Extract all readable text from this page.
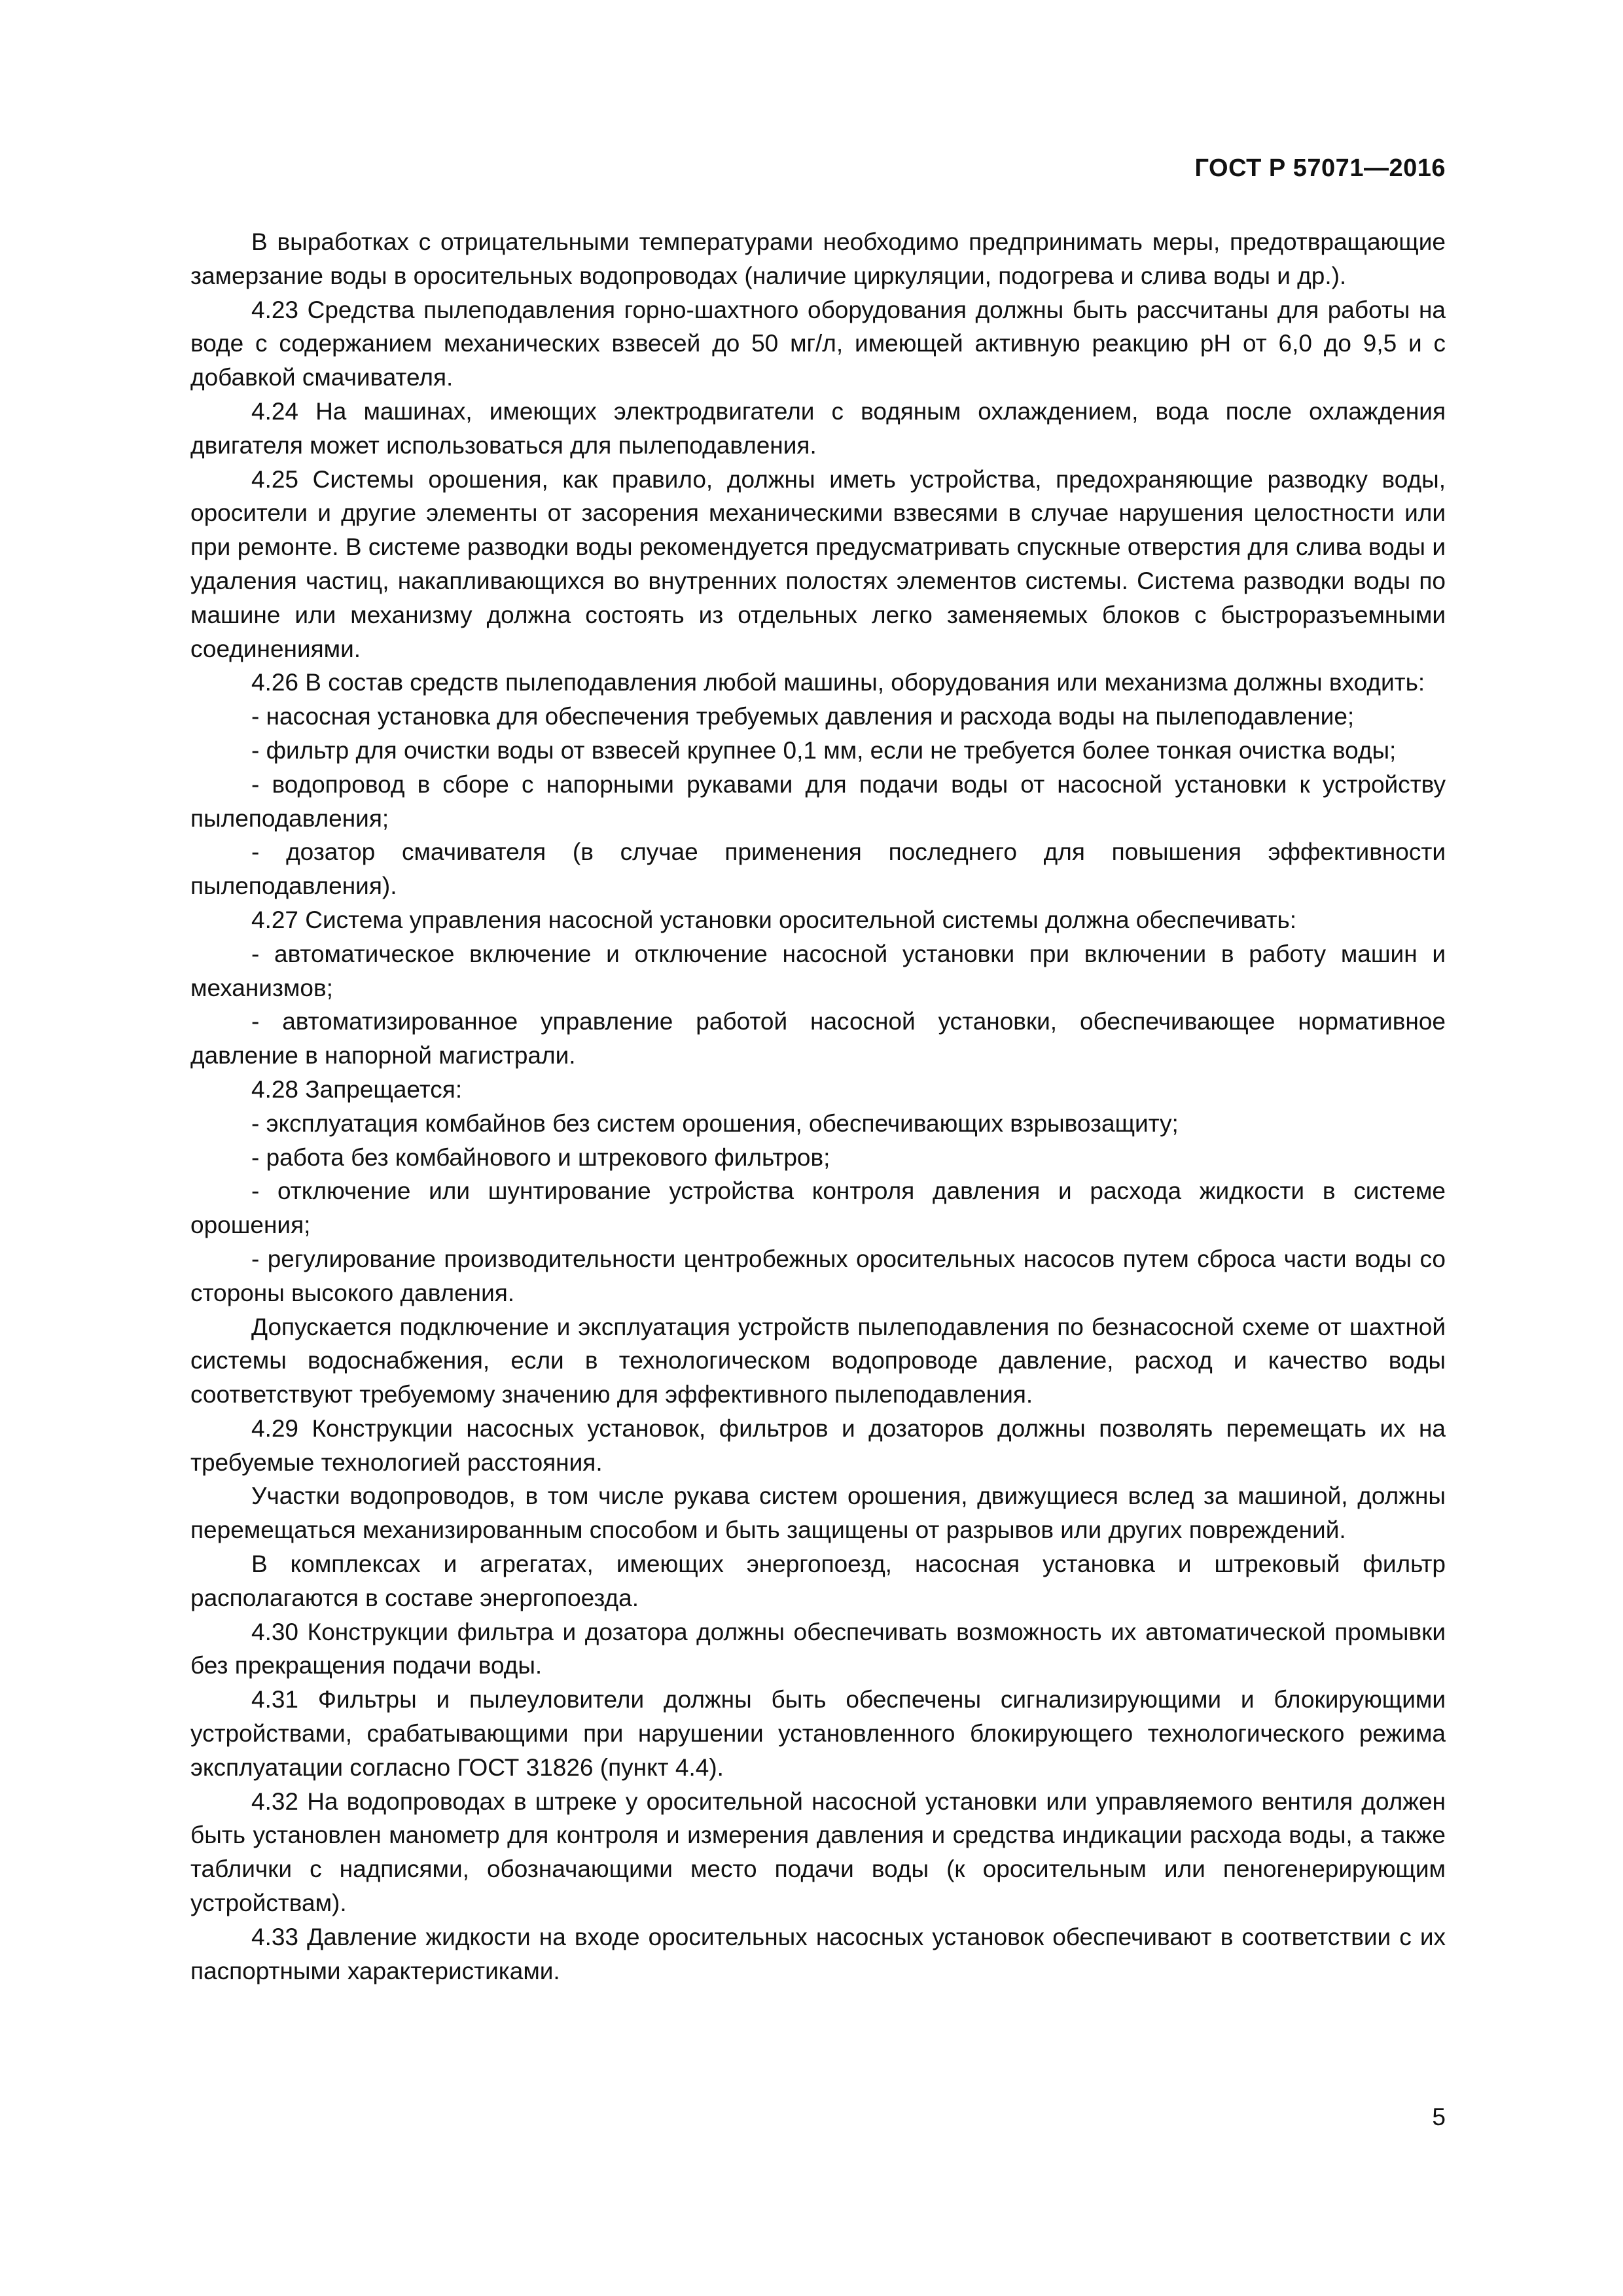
ГОСТ Р 57071—2016

В выработках с отрицательными температурами необходимо предпринимать меры, предотвращающие замерзание воды в оросительных водопроводах (наличие циркуляции, подогрева и слива воды и др.).

4.23 Средства пылеподавления горно-шахтного оборудования должны быть рассчитаны для работы на воде с содержанием механических взвесей до 50 мг/л, имеющей активную реакцию pH от 6,0 до 9,5 и с добавкой смачивателя.

4.24 На машинах, имеющих электродвигатели с водяным охлаждением, вода после охлаждения двигателя может использоваться для пылеподавления.

4.25 Системы орошения, как правило, должны иметь устройства, предохраняющие разводку воды, оросители и другие элементы от засорения механическими взвесями в случае нарушения целостности или при ремонте. В системе разводки воды рекомендуется предусматривать спускные отверстия для слива воды и удаления частиц, накапливающихся во внутренних полостях элементов системы. Система разводки воды по машине или механизму должна состоять из отдельных легко заменяемых блоков с быстроразъемными соединениями.

4.26 В состав средств пылеподавления любой машины, оборудования или механизма должны входить:

- насосная установка для обеспечения требуемых давления и расхода воды на пылеподавление;

- фильтр для очистки воды от взвесей крупнее 0,1 мм, если не требуется более тонкая очистка воды;

- водопровод в сборе с напорными рукавами для подачи воды от насосной установки к устройству пылеподавления;

- дозатор смачивателя (в случае применения последнего для повышения эффективности пылеподавления).

4.27 Система управления насосной установки оросительной системы должна обеспечивать:

- автоматическое включение и отключение насосной установки при включении в работу машин и механизмов;

- автоматизированное управление работой насосной установки, обеспечивающее нормативное давление в напорной магистрали.

4.28 Запрещается:

- эксплуатация комбайнов без систем орошения, обеспечивающих взрывозащиту;

- работа без комбайнового и штрекового фильтров;

- отключение или шунтирование устройства контроля давления и расхода жидкости в системе орошения;

- регулирование производительности центробежных оросительных насосов путем сброса части воды со стороны высокого давления.

Допускается подключение и эксплуатация устройств пылеподавления по безнасосной схеме от шахтной системы водоснабжения, если в технологическом водопроводе давление, расход и качество воды соответствуют требуемому значению для эффективного пылеподавления.

4.29 Конструкции насосных установок, фильтров и дозаторов должны позволять перемещать их на требуемые технологией расстояния.

Участки водопроводов, в том числе рукава систем орошения, движущиеся вслед за машиной, должны перемещаться механизированным способом и быть защищены от разрывов или других повреждений.

В комплексах и агрегатах, имеющих энергопоезд, насосная установка и штрековый фильтр располагаются в составе энергопоезда.

4.30 Конструкции фильтра и дозатора должны обеспечивать возможность их автоматической промывки без прекращения подачи воды.

4.31 Фильтры и пылеуловители должны быть обеспечены сигнализирующими и блокирующими устройствами, срабатывающими при нарушении установленного блокирующего технологического режима эксплуатации согласно ГОСТ 31826 (пункт 4.4).

4.32 На водопроводах в штреке у оросительной насосной установки или управляемого вентиля должен быть установлен манометр для контроля и измерения давления и средства индикации расхода воды, а также таблички с надписями, обозначающими место подачи воды (к оросительным или пеногенерирующим устройствам).

4.33 Давление жидкости на входе оросительных насосных установок обеспечивают в соответствии с их паспортными характеристиками.

5
